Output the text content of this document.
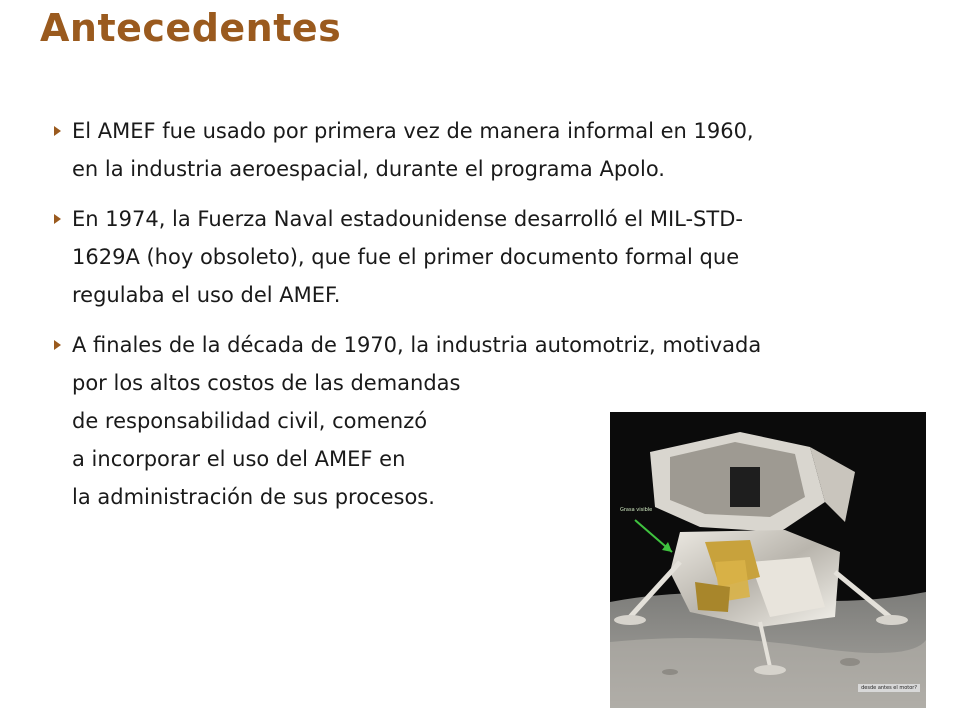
Antecedentes
El AMEF fue usado por primera vez de manera informal en 1960,
en la industria aeroespacial, durante el programa Apolo.
En 1974, la Fuerza Naval estadounidense desarrolló el MIL-STD-
1629A (hoy obsoleto), que fue el primer documento formal que
regulaba el uso del AMEF.
A finales de la década de 1970, la industria automotriz, motivada
por los altos costos de las demandas
de responsabilidad civil, comenzó
a incorporar el uso del AMEF en
la administración de sus procesos.
Grasa visible
desde antes el motor?
